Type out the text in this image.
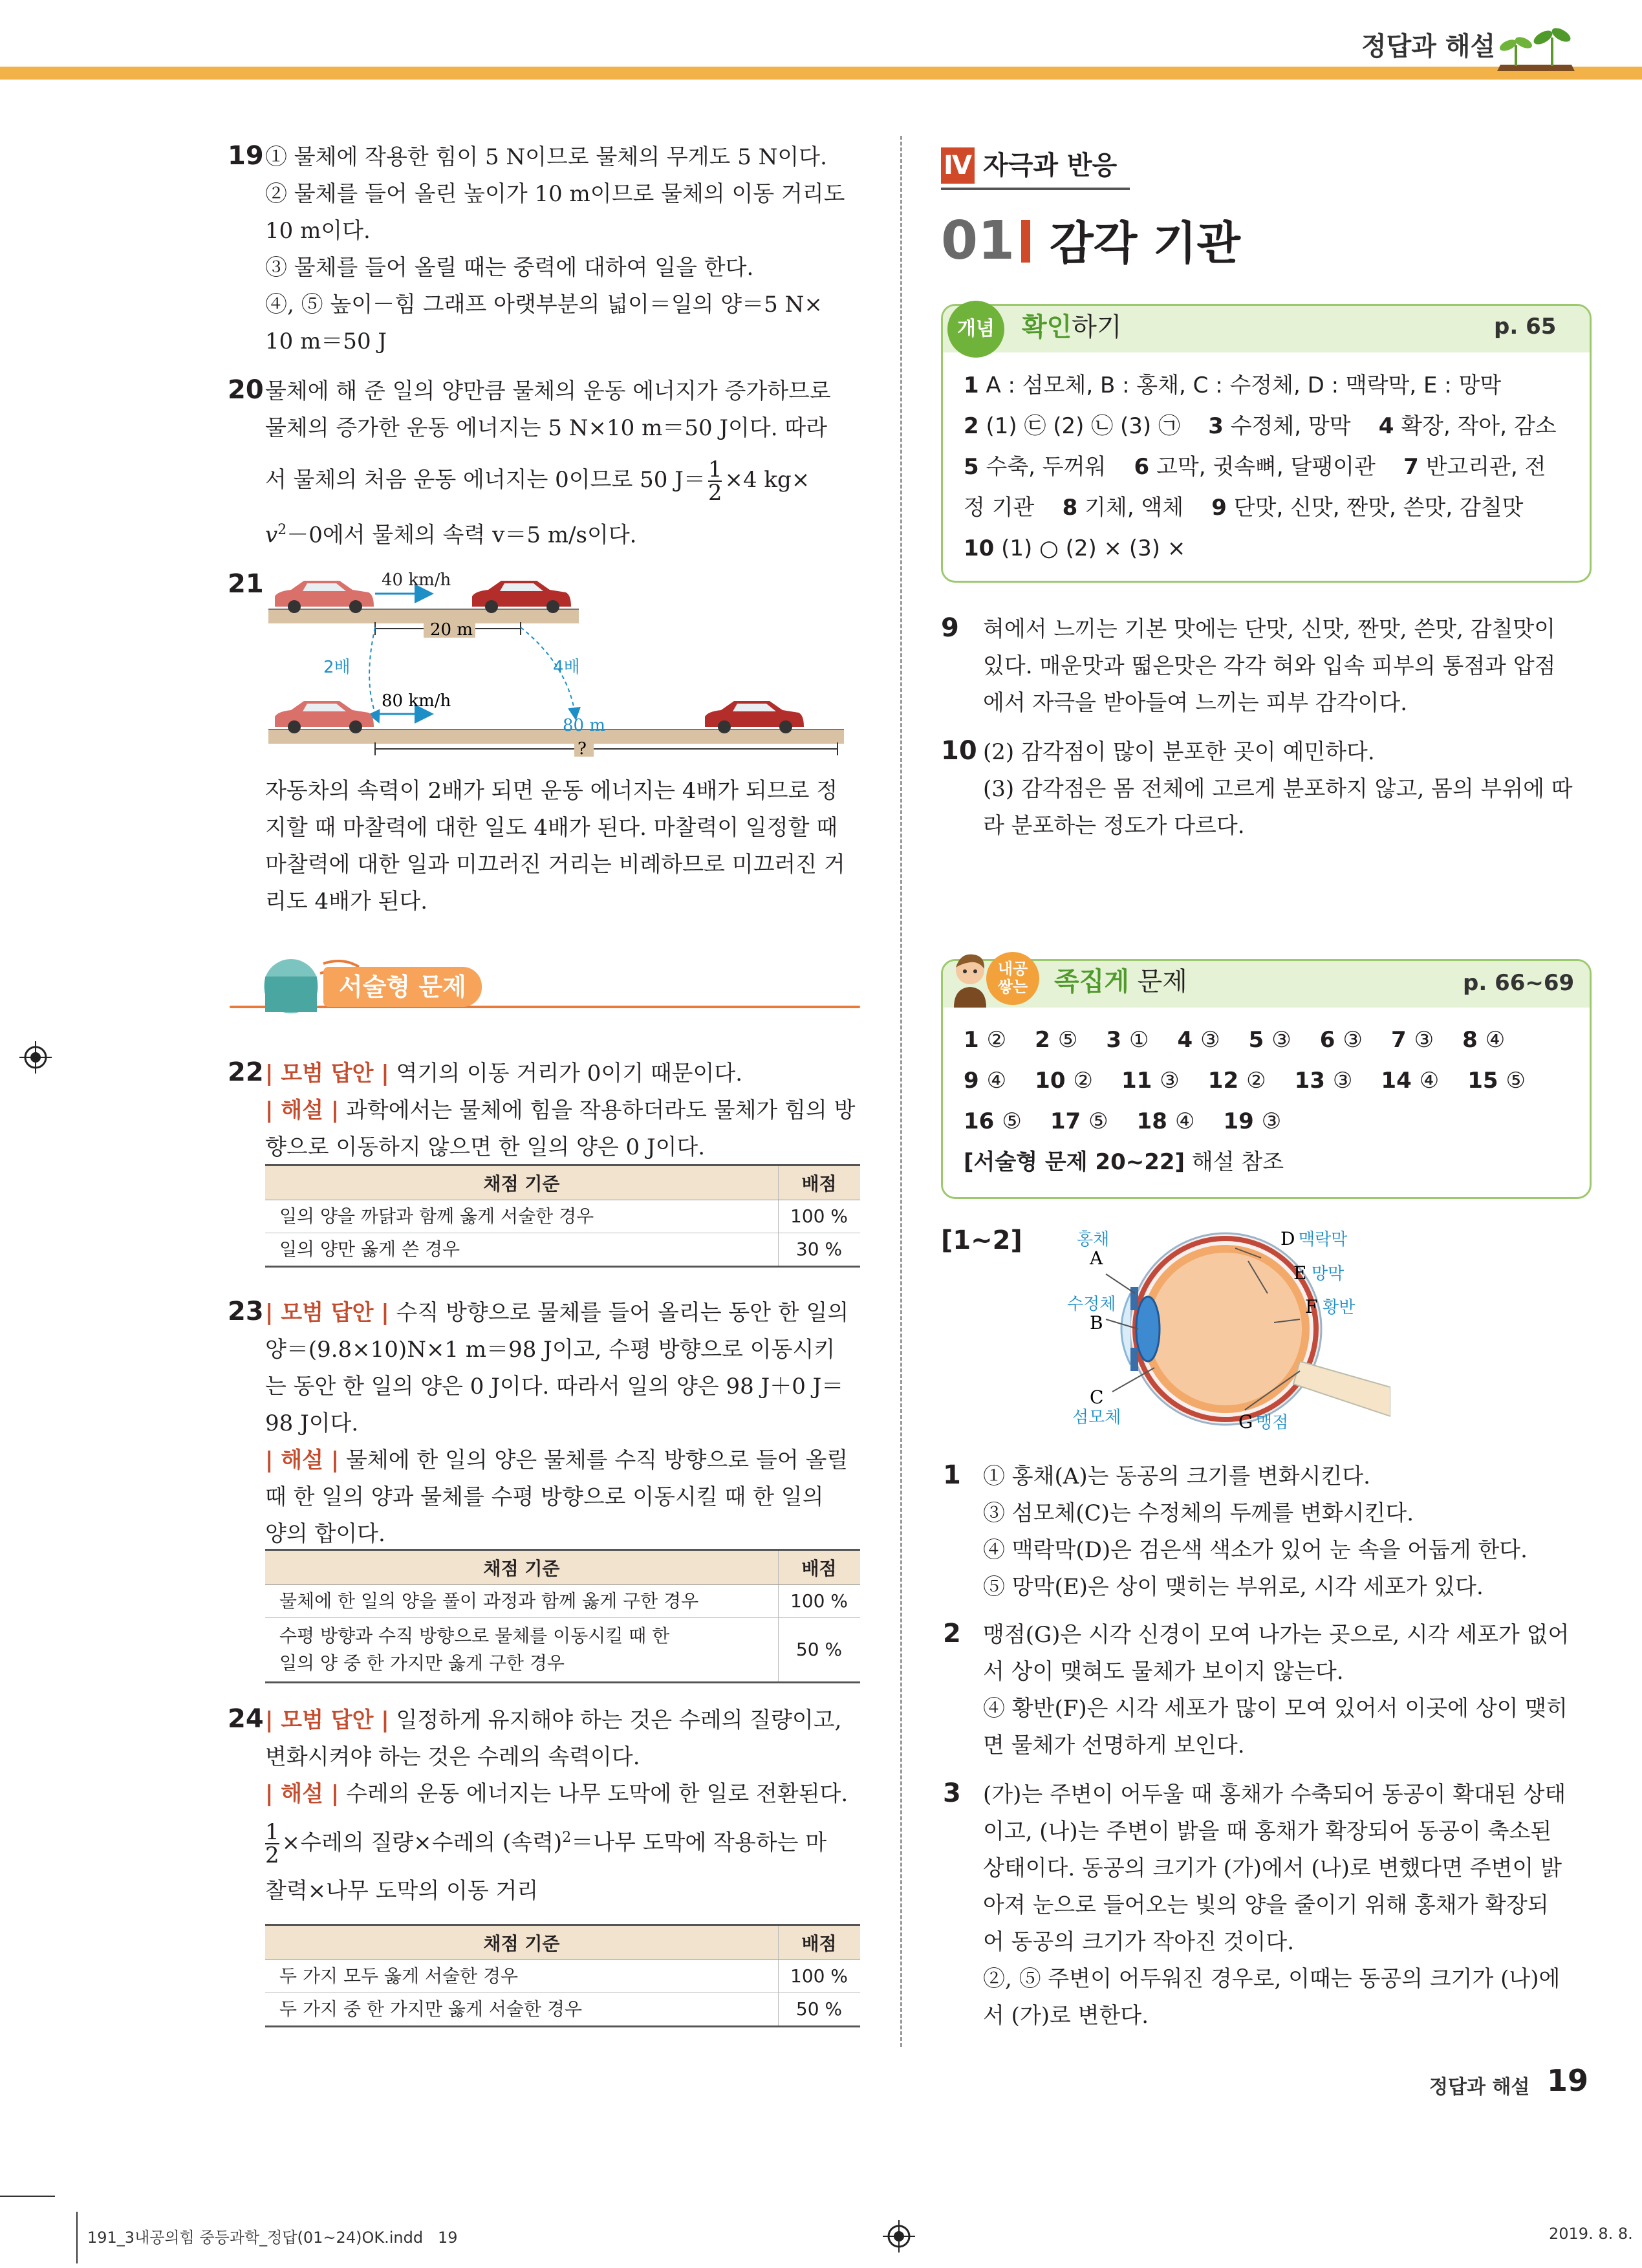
정답과 해설
19 ① 물체에 작용한 힘이 5 N이므로 물체의 무게도 5 N이다.
② 물체를 들어 올린 높이가 10 m이므로 물체의 이동 거리도
10 m이다.
③ 물체를 들어 올릴 때는 중력에 대하여 일을 한다.
④, ⑤ 높이－힘 그래프 아랫부분의 넓이＝일의 양＝5 N×
10 m＝50 J
20 물체에 해 준 일의 양만큼 물체의 운동 에너지가 증가하므로
물체의 증가한 운동 에너지는 5 N×10 m＝50 J이다. 따라
서 물체의 처음 운동 에너지는 0이므로 50 $J= \frac{1}{2} \times 4$ kg×
$v^2-0$에서 물체의 속력 v＝5 m/s이다.
21	40 km/h
20 m
2배	4배
80 km/h
80 m
?
자동차의 속력이 2배가 되면 운동 에너지는 4배가 되므로 정
지할 때 마찰력에 대한 일도 4배가 된다. 마찰력이 일정할 때
마찰력에 대한 일과 미끄러진 거리는 비례하므로 미끄러진 거
리도 4배가 된다.
서술형 문제
22 | 모범 답안 | 역기의 이동 거리가 0이기 때문이다.
| 해설 | 과학에서는 물체에 힘을 작용하더라도 물체가 힘의 방
향으로 이동하지 않으면 한 일의 양은 0 J이다.
채점 기준	배점
일의 양을 까닭과 함께 옳게 서술한 경우	100 %
일의 양만 옳게 쓴 경우	30 %
23 | 모범 답안 | 수직 방향으로 물체를 들어 올리는 동안 한 일의
양＝(9.8×10)N×1 m＝98 J이고, 수평 방향으로 이동시키
는 동안 한 일의 양은 0 J이다. 따라서 일의 양은 98 J＋0 J＝
98 J이다.
| 해설 | 물체에 한 일의 양은 물체를 수직 방향으로 들어 올릴
때 한 일의 양과 물체를 수평 방향으로 이동시킬 때 한 일의
양의 합이다.
채점 기준	배점
물체에 한 일의 양을 풀이 과정과 함께 옳게 구한 경우	100 %
수평 방향과 수직 방향으로 물체를 이동시킬 때 한 일의 양 중 한 가지만 옳게 구한 경우	50 %
24 | 모범 답안 | 일정하게 유지해야 하는 것은 수레의 질량이고,
변화시켜야 하는 것은 수레의 속력이다.
| 해설 | 수레의 운동 에너지는 나무 도막에 한 일로 전환된다.
$\frac{1}{2}$ ×수레의 질량×수레의 (속력)$^2$＝나무 도막에 작용하는 마
찰력×나무 도막의 이동 거리
채점 기준	배점
두 가지 모두 옳게 서술한 경우	100 %
두 가지 중 한 가지만 옳게 서술한 경우	50 %
Ⅳ 자극과 반응
01 감각 기관
개념	확인하기	p. 65
1 A : 섬모체, B : 홍채, C : 수정체, D : 맥락막, E : 망막
2 (1) ㉢ (2) ㉡ (3) ㉠    3 수정체, 망막    4 확장, 작아, 감소
5 수축, 두꺼워    6 고막, 귓속뼈, 달팽이관    7 반고리관, 전
정 기관    8 기체, 액체    9 단맛, 신맛, 짠맛, 쓴맛, 감칠맛
10 (1) ○ (2) × (3) ×
9 혀에서 느끼는 기본 맛에는 단맛, 신맛, 짠맛, 쓴맛, 감칠맛이
있다. 매운맛과 떫은맛은 각각 혀와 입속 피부의 통점과 압점
에서 자극을 받아들여 느끼는 피부 감각이다.
10 (2) 감각점이 많이 분포한 곳이 예민하다.
(3) 감각점은 몸 전체에 고르게 분포하지 않고, 몸의 부위에 따
라 분포하는 정도가 다르다.
내공
쌓는	족집게 문제	p. 66~69
1 ② 2 ⑤ 3 ① 4 ③ 5 ③ 6 ③ 7 ③ 8 ④
9 ④ 10 ② 11 ③ 12 ② 13 ③ 14 ④ 15 ⑤
16 ⑤ 17 ⑤ 18 ④ 19 ③
[서술형 문제 20~22] 해설 참조
[1~2]	홍채
A
수정체
B
C
섬모체
D 맥락막
E 망막
F 황반
G 맹점
1 ① 홍채(A)는 동공의 크기를 변화시킨다.
③ 섬모체(C)는 수정체의 두께를 변화시킨다.
④ 맥락막(D)은 검은색 색소가 있어 눈 속을 어둡게 한다.
⑤ 망막(E)은 상이 맺히는 부위로, 시각 세포가 있다.
2 맹점(G)은 시각 신경이 모여 나가는 곳으로, 시각 세포가 없어
서 상이 맺혀도 물체가 보이지 않는다.
④ 황반(F)은 시각 세포가 많이 모여 있어서 이곳에 상이 맺히
면 물체가 선명하게 보인다.
3 (가)는 주변이 어두울 때 홍채가 수축되어 동공이 확대된 상태
이고, (나)는 주변이 밝을 때 홍채가 확장되어 동공이 축소된
상태이다. 동공의 크기가 (가)에서 (나)로 변했다면 주변이 밝
아져 눈으로 들어오는 빛의 양을 줄이기 위해 홍채가 확장되
어 동공의 크기가 작아진 것이다.
②, ⑤ 주변이 어두워진 경우로, 이때는 동공의 크기가 (나)에
서 (가)로 변한다.
정답과 해설 19
191_3내공의힘 중등과학_정답(01~24)OK.indd   19	2019. 8. 8.
